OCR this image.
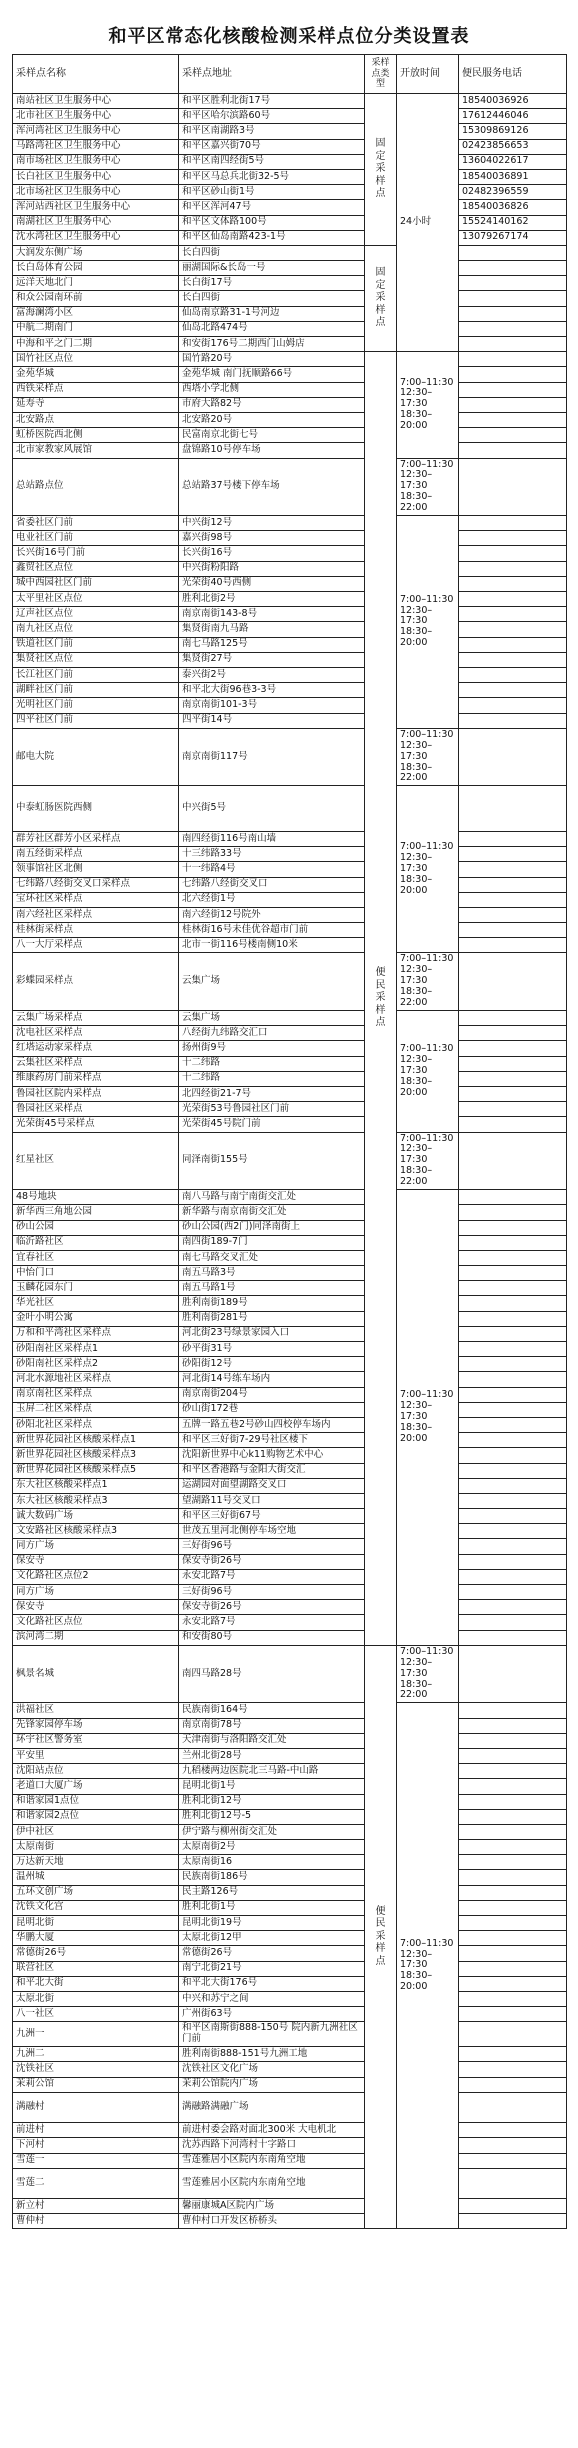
和平区常态化核酸检测采样点位分类设置表
采样点名称	采样点地址	采样点类型	开放时间	便民服务电话
南站社区卫生服务中心	和平区胜利北街17号	固定采样点	24小时	18540036926
北市社区卫生服务中心	和平区哈尔滨路60号			17612446046
浑河湾社区卫生服务中心	和平区南湖路3号			15309869126
马路湾社区卫生服务中心	和平区嘉兴街70号			02423856653
南市场社区卫生服务中心	和平区南四经街5号			13604022617
长白社区卫生服务中心	和平区马总兵北街32-5号			18540036891
北市场社区卫生服务中心	和平区砂山街1号			02482396559
浑河站西社区卫生服务中心	和平区浑河47号			18540036826
南湖社区卫生服务中心	和平区文体路100号			15524140162
沈水湾社区卫生服务中心	和平区仙岛南路423-1号			13079267174
大润发东侧广场	长白四街	固定采样点		
长白岛体育公园	丽湖国际&长岛一号			
远洋天地北门	长白街17号			
和众公园南环前	长白四街			
富海澜湾小区	仙岛南京路31-1号河边			
中航二期南门	仙岛北路474号			
中海和平之门二期	和安街176号二期西门山姆店			
国竹社区点位	国竹路20号	便民采样点	7:00–11:30
12:30–17:30
18:30–20:00	
金苑华城	金苑华城 南门抚顺路66号			
西铁采样点	西塔小学北侧			
延寿寺	市府大路82号			
北安路点	北安路20号			
虹桥医院西北侧	民富南京北街七号			
北市家教家风展馆	盘锦路10号停车场			
总站路点位	总站路37号楼下停车场		7:00–11:30
12:30–17:30
18:30–22:00	
省委社区门前	中兴街12号		7:00–11:30
12:30–17:30
18:30–20:00	
电业社区门前	嘉兴街98号			
长兴街16号门前	长兴街16号			
鑫贸社区点位	中兴街粉阳路			
城中西园社区门前	光荣街40号西侧			
太平里社区点位	胜利北街2号			
辽声社区点位	南京南街143-8号			
南九社区点位	集贤街南九马路			
铁道社区门前	南七马路125号			
集贤社区点位	集贤街27号			
长江社区门前	泰兴街2号			
湖畔社区门前	和平北大街96巷3-3号			
光明社区门前	南京南街101-3号			
四平社区门前	四平街14号			
邮电大院	南京南街117号		7:00–11:30
12:30–17:30
18:30–22:00	
中泰虹肠医院西侧	中兴街5号		7:00–11:30
12:30–17:30
18:30–20:00	
群芳社区群芳小区采样点	南四经街116号南山墙			
南五经街采样点	十三纬路33号			
领事馆社区北侧	十一纬路4号			
七纬路八经街交叉口采样点	七纬路八经街交叉口			
宝环社区采样点	北六经街1号			
南六经社区采样点	南六经街12号院外			
桂林街采样点	桂林街16号未佳优谷超市门前			
八一大厅采样点	北市一街116号楼南侧10米			
彩蝶园采样点	云集广场		7:00–11:30
12:30–17:30
18:30–22:00	
云集广场采样点	云集广场		7:00–11:30
12:30–17:30
18:30–20:00	
沈电社区采样点	八经街九纬路交汇口			
红塔运动家采样点	扬州街9号			
云集社区采样点	十二纬路			
维康药房门前采样点	十二纬路			
鲁园社区院内采样点	北四经街21-7号			
鲁园社区采样点	光荣街53号鲁园社区门前			
光荣街45号采样点	光荣街45号院门前			
红星社区	同泽南街155号		7:00–11:30
12:30–17:30
18:30–22:00	
48号地块	南八马路与南宁南街交汇处		7:00–11:30
12:30–17:30
18:30–20:00	
新华西三角地公园	新华路与南京南街交汇处			
砂山公园	砂山公园(西2门)同泽南街上			
临沂路社区	南四街189-7门			
宜春社区	南七马路交叉汇处			
中怡门口	南五马路3号			
玉麟花园东门	南五马路1号			
华光社区	胜利南街189号			
金叶小明公寓	胜利南街281号			
万和和平湾社区采样点	河北街23号绿景家园入口			
砂阳南社区采样点1	砂平街31号			
砂阳南社区采样点2	砂阳街12号			
河北水源地社区采样点	河北街14号练车场内			
南京南社区采样点	南京南街204号			
玉屏二社区采样点	砂山街172巷			
砂阳北社区采样点	五牌一路五巷2号砂山四校停车场内			
新世界花园社区核酸采样点1	和平区三好街7-29号社区楼下			
新世界花园社区核酸采样点3	沈阳新世界中心k11购物艺术中心			
新世界花园社区核酸采样点5	和平区香港路与金阳大街交汇			
东大社区核酸采样点1	运湖园对面望湖路交叉口			
东大社区核酸采样点3	望湖路11号交叉口			
诚大数码广场	和平区三好街67号			
文安路社区核酸采样点3	世茂五里河北侧停车场空地			
同方广场	三好街96号			
保安寺	保安寺街26号			
文化路社区点位2	永安北路7号			
同方广场	三好街96号			
保安寺	保安寺街26号			
文化路社区点位	永安北路7号			
滨河湾二期	和安街80号			
枫景名城	南四马路28号	便民采样点	7:00–11:30
12:30–17:30
18:30–22:00	
洪福社区	民族南街164号		7:00–11:30
12:30–17:30
18:30–20:00	
先锋家园停车场	南京南街78号			
环宇社区警务室	天津南街与洛阳路交汇处			
平安里	兰州北街28号			
沈阳站点位	九稻楼两边医院北三马路-中山路			
老道口大厦广场	昆明北街1号			
和谐家园1点位	胜利北街12号			
和谐家园2点位	胜利北街12号-5			
伊中社区	伊宁路与柳州街交汇处			
太原南街	太原南街2号			
万达新天地	太原南街16			
温州城	民族南街186号			
五环文创广场	民主路126号			
沈铁文化宫	胜利北街1号			
昆明北街	昆明北街19号			
华鹏大厦	太原北街12甲			
常德街26号	常德街26号			
联营社区	南宁北街21号			
和平北大街	和平北大街176号			
太原北街	中兴和苏宁之间			
八一社区	广州街63号			
九洲一	和平区南斯街888-150号 院内新九洲社区门前			
九洲二	胜利南街888-151号九洲工地			
沈铁社区	沈铁社区文化广场			
茉莉公馆	茉莉公馆院内广场			
满融村	满融路满融广场			
前进村	前进村委会路对面北300米 大电机北			
下河村	沈苏西路下河湾村十字路口			
雪莲一	雪莲雅居小区院内东南角空地			
雪莲二	雪莲雅居小区院内东南角空地			
新立村	馨丽康城A区院内广场			
曹仲村	曹仲村口开发区桥桥头			
